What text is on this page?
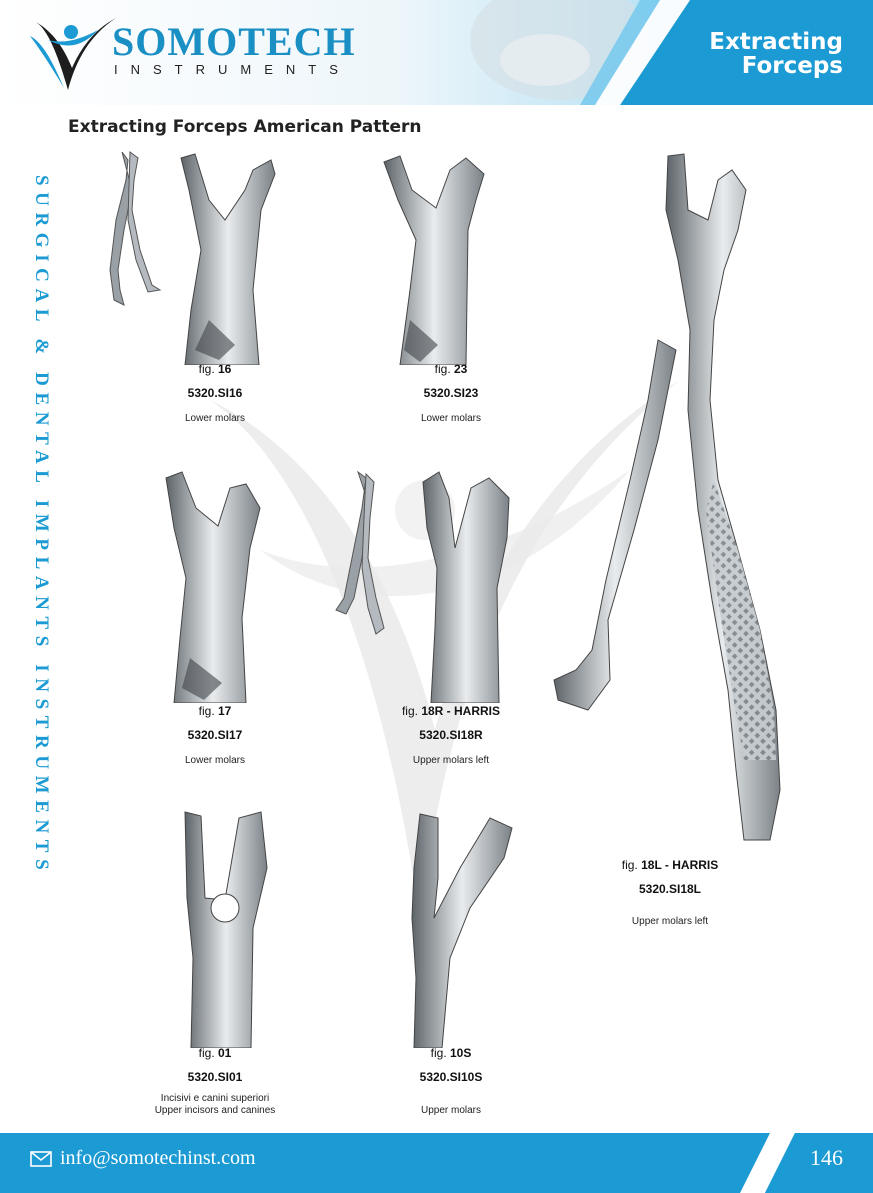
SOMOTECH
INSTRUMENTS
Extracting
Forceps
Extracting Forceps American Pattern
SURGICAL & DENTAL IMPLANTS INSTRUMENTS	fig. 16
5320.SI16
Lower molars
fig. 23
5320.SI23
Lower molars
fig. 17
5320.SI17
Lower molars
fig. 18R - HARRIS
5320.SI18R
Upper molars left
fig. 01
5320.SI01
Incisivi e canini superiori
Upper incisors and canines
fig. 10S
5320.SI10S
Upper molars
fig. 18L - HARRIS
5320.SI18L
Upper molars left
info@somotechinst.com	146
